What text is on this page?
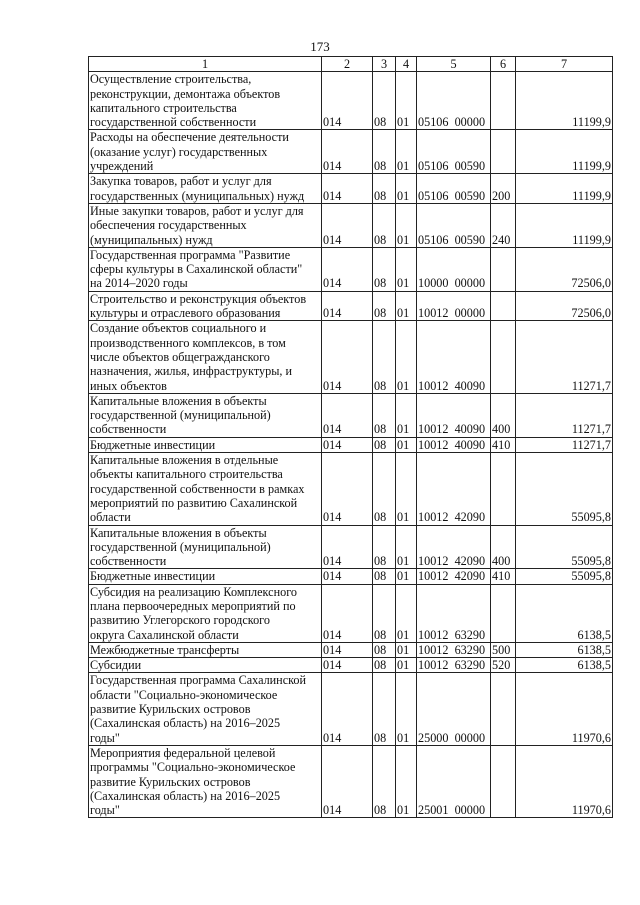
173
1	2	3	4	5	6	7
Осуществление строительства,
реконструкции, демонтажа объектов
капитального строительства
государственной собственности	014	08	01	05106  00000		11199,9
Расходы на обеспечение деятельности
(оказание услуг) государственных
учреждений	014	08	01	05106  00590		11199,9
Закупка товаров, работ и услуг для
государственных (муниципальных) нужд	014	08	01	05106  00590	200	11199,9
Иные закупки товаров, работ и услуг для
обеспечения государственных
(муниципальных) нужд	014	08	01	05106  00590	240	11199,9
Государственная программа "Развитие
сферы культуры в Сахалинской области"
на 2014–2020 годы	014	08	01	10000  00000		72506,0
Строительство и реконструкция объектов
культуры и отраслевого образования	014	08	01	10012  00000		72506,0
Создание объектов социального и
производственного комплексов, в том
числе объектов общегражданского
назначения, жилья, инфраструктуры, и
иных объектов	014	08	01	10012  40090		11271,7
Капитальные вложения в объекты
государственной (муниципальной)
собственности	014	08	01	10012  40090	400	11271,7
Бюджетные инвестиции	014	08	01	10012  40090	410	11271,7
Капитальные вложения в отдельные
объекты капитального строительства
государственной собственности в рамках
мероприятий по развитию Сахалинской
области	014	08	01	10012  42090		55095,8
Капитальные вложения в объекты
государственной (муниципальной)
собственности	014	08	01	10012  42090	400	55095,8
Бюджетные инвестиции	014	08	01	10012  42090	410	55095,8
Субсидия на реализацию Комплексного
плана первоочередных мероприятий по
развитию Углегорского городского
округа Сахалинской области	014	08	01	10012  63290		6138,5
Межбюджетные трансферты	014	08	01	10012  63290	500	6138,5
Субсидии	014	08	01	10012  63290	520	6138,5
Государственная программа Сахалинской
области "Социально-экономическое
развитие Курильских островов
(Сахалинская область) на 2016–2025
годы"	014	08	01	25000  00000		11970,6
Мероприятия федеральной целевой
программы "Социально-экономическое
развитие Курильских островов
(Сахалинская область) на 2016–2025
годы"	014	08	01	25001  00000		11970,6
